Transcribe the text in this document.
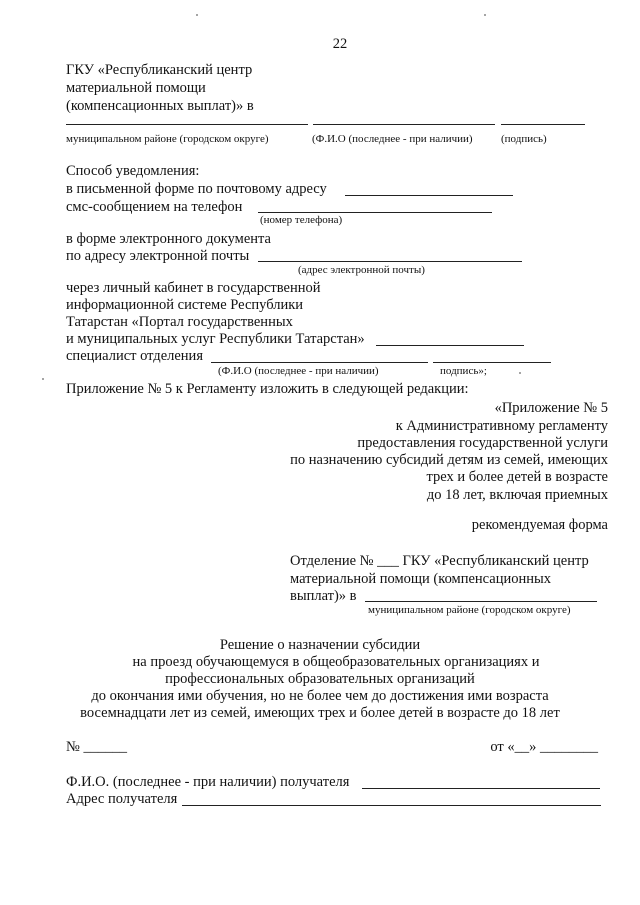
22
ГКУ «Республиканский центр
материальной помощи
(компенсационных выплат)» в
муниципальном районе (городском округе)	(Ф.И.О (последнее - при наличии)	(подпись)
Способ уведомления:
в письменной форме по почтовому адресу
смс-сообщением на телефон
(номер телефона)
в форме электронного документа
по адресу электронной почты
(адрес электронной почты)
через личный кабинет в государственной
информационной системе Республики
Татарстан «Портал государственных
и муниципальных услуг Республики Татарстан»
специалист отделения
(Ф.И.О (последнее - при наличии)	подпись»;
Приложение № 5 к Регламенту изложить в следующей редакции:
«Приложение № 5
к Административному регламенту
предоставления государственной услуги
по назначению субсидий детям из семей, имеющих
трех и более детей в возрасте
до 18 лет, включая приемных
рекомендуемая форма
Отделение № ___ ГКУ «Республиканский центр
материальной помощи (компенсационных
выплат)» в
муниципальном районе (городском округе)
Решение о назначении субсидии
на проезд обучающемуся в общеобразовательных организациях и
профессиональных образовательных организаций
до окончания ими обучения, но не более чем до достижения ими возраста
восемнадцати лет из семей, имеющих трех и более детей в возрасте до 18 лет
№ ______	от «__» ________
Ф.И.О. (последнее - при наличии) получателя
Адрес получателя
